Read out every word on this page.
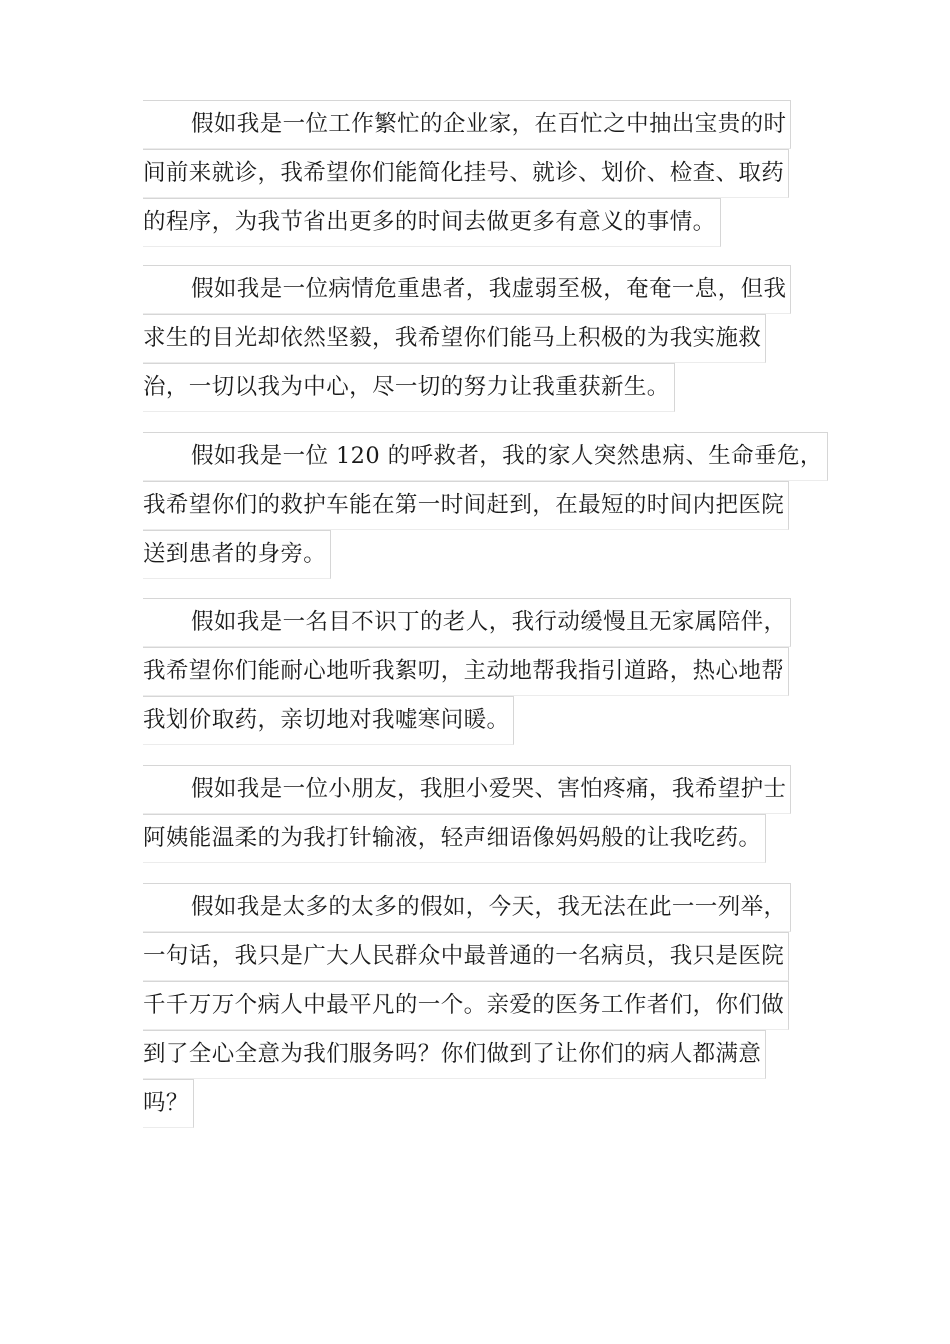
假如我是一位工作繁忙的企业家，在百忙之中抽出宝贵的时
间前来就诊，我希望你们能简化挂号、就诊、划价、检查、取药
的程序，为我节省出更多的时间去做更多有意义的事情。
假如我是一位病情危重患者，我虚弱至极，奄奄一息，但我
求生的目光却依然坚毅，我希望你们能马上积极的为我实施救
治，一切以我为中心，尽一切的努力让我重获新生。
假如我是一位 120 的呼救者，我的家人突然患病、生命垂危，
我希望你们的救护车能在第一时间赶到，在最短的时间内把医院
送到患者的身旁。
假如我是一名目不识丁的老人，我行动缓慢且无家属陪伴，
我希望你们能耐心地听我絮叨，主动地帮我指引道路，热心地帮
我划价取药，亲切地对我嘘寒问暖。
假如我是一位小朋友，我胆小爱哭、害怕疼痛，我希望护士
阿姨能温柔的为我打针输液，轻声细语像妈妈般的让我吃药。
假如我是太多的太多的假如，今天，我无法在此一一列举，
一句话，我只是广大人民群众中最普通的一名病员，我只是医院
千千万万个病人中最平凡的一个。亲爱的医务工作者们，你们做
到了全心全意为我们服务吗？你们做到了让你们的病人都满意
吗？
